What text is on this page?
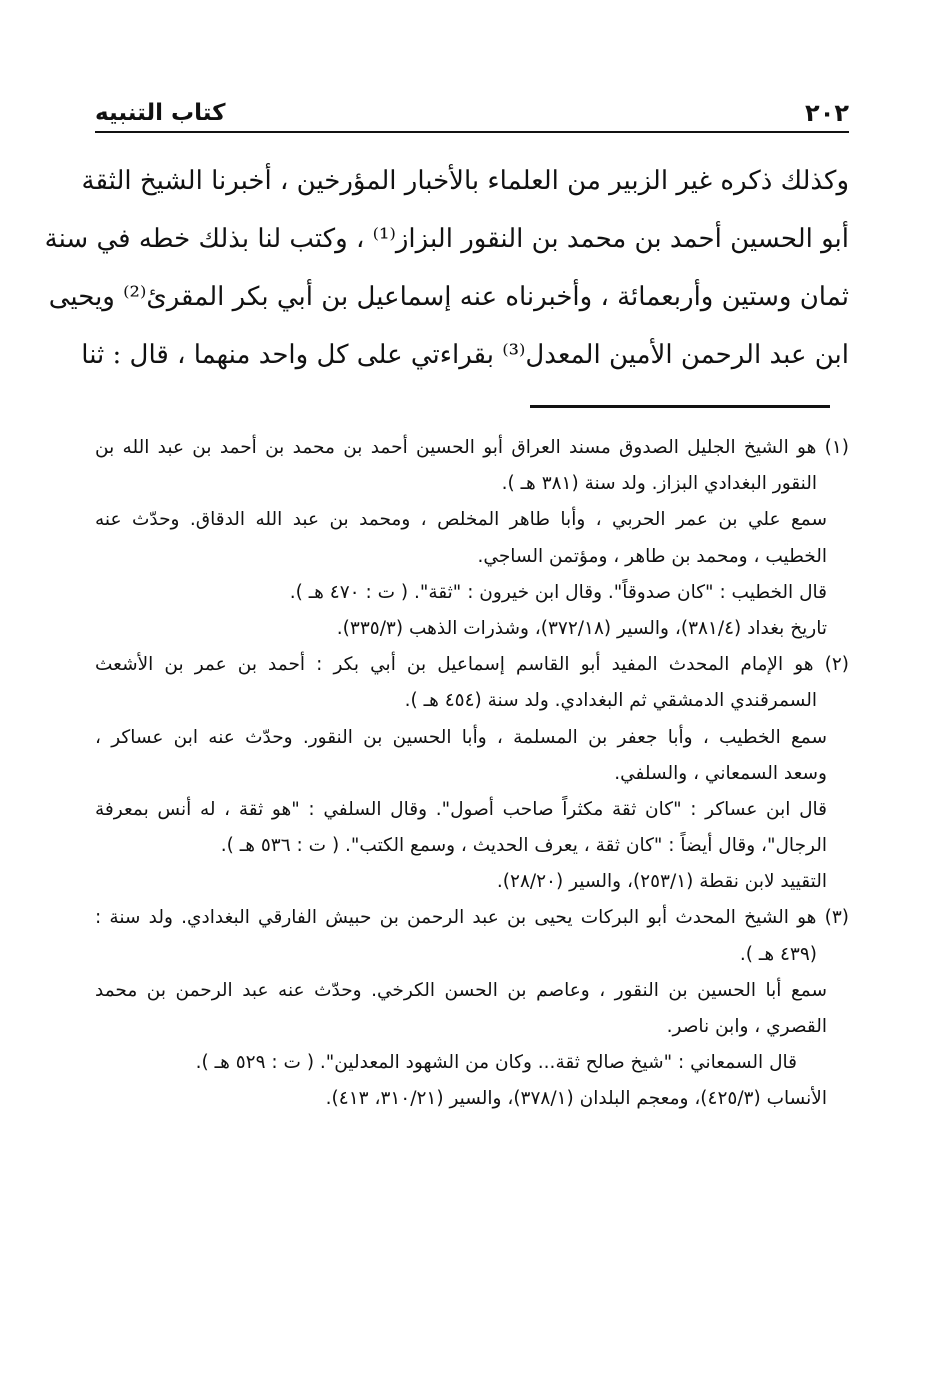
٢٠٢
كتاب التنبيه
وكذلك ذكره غير الزبير من العلماء بالأخبار المؤرخين ، أخبرنا الشيخ الثقة
أبو الحسين أحمد بن محمد بن النقور البزاز⁽¹⁾ ، وكتب لنا بذلك خطه في سنة
ثمان وستين وأربعمائة ، وأخبرناه عنه إسماعيل بن أبي بكر المقرئ⁽²⁾ ويحيى
ابن عبد الرحمن الأمين المعدل⁽³⁾ بقراءتي على كل واحد منهما ، قال : ثنا
(١) هو الشيخ الجليل الصدوق مسند العراق أبو الحسين أحمد بن محمد بن أحمد بن عبد الله بن
النقور البغدادي البزاز. ولد سنة (٣٨١ هـ ).
سمع علي بن عمر الحربي ، وأبا طاهر المخلص ، ومحمد بن عبد الله الدقاق. وحدّث عنه
الخطيب ، ومحمد بن طاهر ، ومؤتمن الساجي.
قال الخطيب : "كان صدوقاً". وقال ابن خيرون : "ثقة". ( ت : ٤٧٠ هـ ).
تاريخ بغداد (٣٨١/٤)، والسير (٣٧٢/١٨)، وشذرات الذهب (٣٣٥/٣).
(٢) هو الإمام المحدث المفيد أبو القاسم إسماعيل بن أبي بكر : أحمد بن عمر بن الأشعث
السمرقندي الدمشقي ثم البغدادي. ولد سنة (٤٥٤ هـ ).
سمع الخطيب ، وأبا جعفر بن المسلمة ، وأبا الحسين بن النقور. وحدّث عنه ابن عساكر ،
وسعد السمعاني ، والسلفي.
قال ابن عساكر : "كان ثقة مكثراً صاحب أصول". وقال السلفي : "هو ثقة ، له أنس بمعرفة
الرجال"، وقال أيضاً : "كان ثقة ، يعرف الحديث ، وسمع الكتب". ( ت : ٥٣٦ هـ ).
التقييد لابن نقطة (٢٥٣/١)، والسير (٢٨/٢٠).
(٣) هو الشيخ المحدث أبو البركات يحيى بن عبد الرحمن بن حبيش الفارقي البغدادي. ولد سنة :
(٤٣٩ هـ ).
سمع أبا الحسين بن النقور ، وعاصم بن الحسن الكرخي. وحدّث عنه عبد الرحمن بن محمد
القصري ، وابن ناصر.
قال السمعاني : "شيخ صالح ثقة... وكان من الشهود المعدلين". ( ت : ٥٢٩ هـ ).
الأنساب (٤٢٥/٣)، ومعجم البلدان (٣٧٨/١)، والسير (٣١٠/٢١، ٤١٣).
